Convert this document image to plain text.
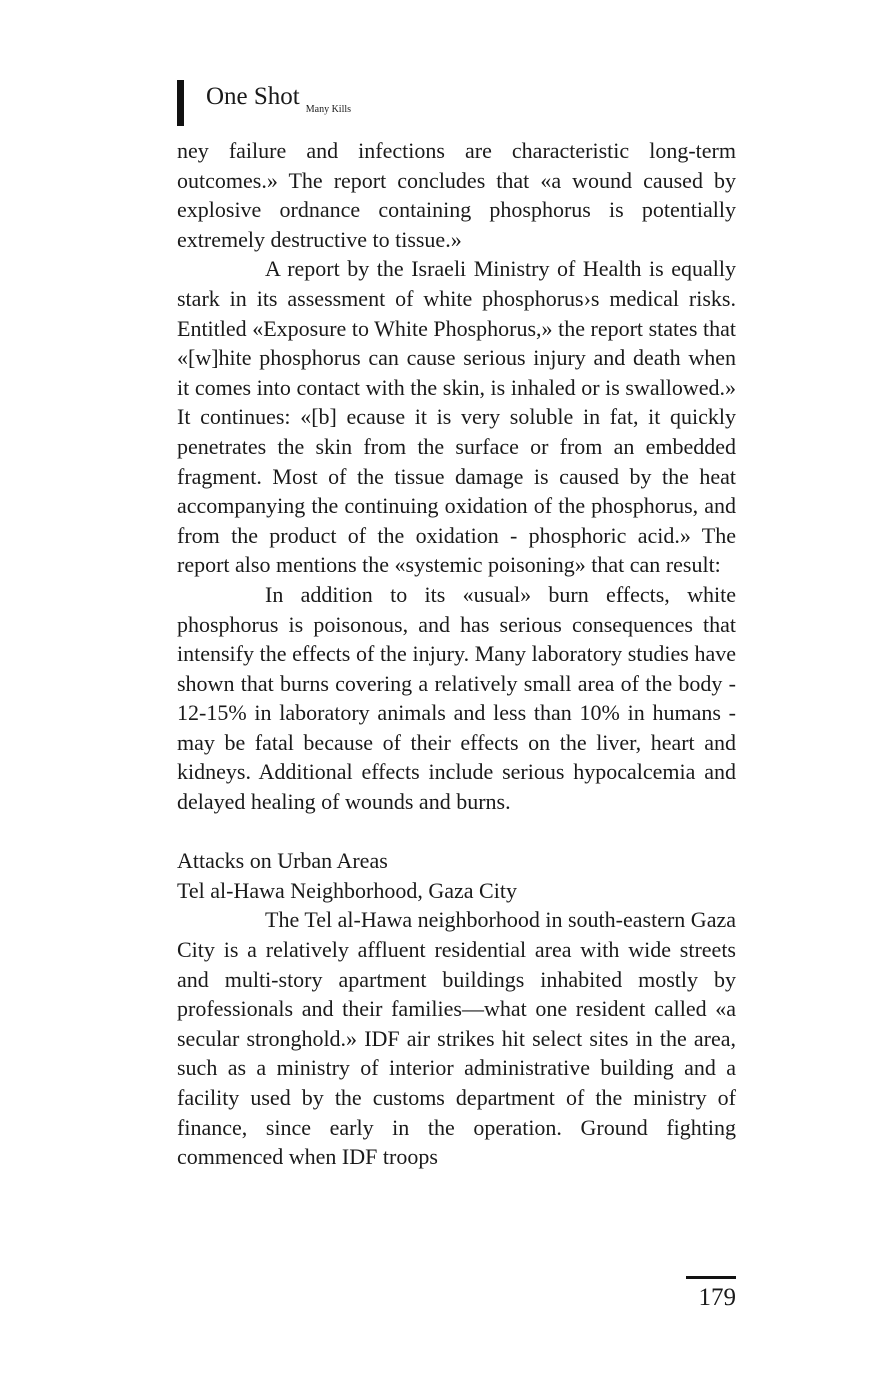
One Shot $_{Many Kills}$

ney failure and infections are characteristic long-term outcomes.» The report concludes that «a wound caused by explosive ordnance containing phosphorus is potentially extremely destructive to tissue.»

A report by the Israeli Ministry of Health is equally stark in its assessment of white phosphorus›s medical risks. Entitled «Exposure to White Phosphorus,» the report states that «[w]hite phosphorus can cause serious injury and death when it comes into contact with the skin, is inhaled or is swallowed.» It continues: «[b] ecause it is very soluble in fat, it quickly penetrates the skin from the surface or from an embedded fragment. Most of the tissue damage is caused by the heat accompanying the continuing oxidation of the phosphorus, and from the product of the oxidation - phosphoric acid.» The report also mentions the «systemic poisoning» that can result:

In addition to its «usual» burn effects, white phosphorus is poisonous, and has serious consequences that intensify the effects of the injury. Many laboratory studies have shown that burns covering a relatively small area of the body - 12-15% in laboratory animals and less than 10% in humans - may be fatal because of their effects on the liver, heart and kidneys. Additional effects include serious hypocalcemia and delayed healing of wounds and burns.

Attacks on Urban Areas

Tel al-Hawa Neighborhood, Gaza City

The Tel al-Hawa neighborhood in south-eastern Gaza City is a relatively affluent residential area with wide streets and multi-story apartment buildings inhabited mostly by professionals and their families—what one resident called «a secular stronghold.» IDF air strikes hit select sites in the area, such as a ministry of interior administrative building and a facility used by the customs department of the ministry of finance, since early in the operation. Ground fighting commenced when IDF troops

179
